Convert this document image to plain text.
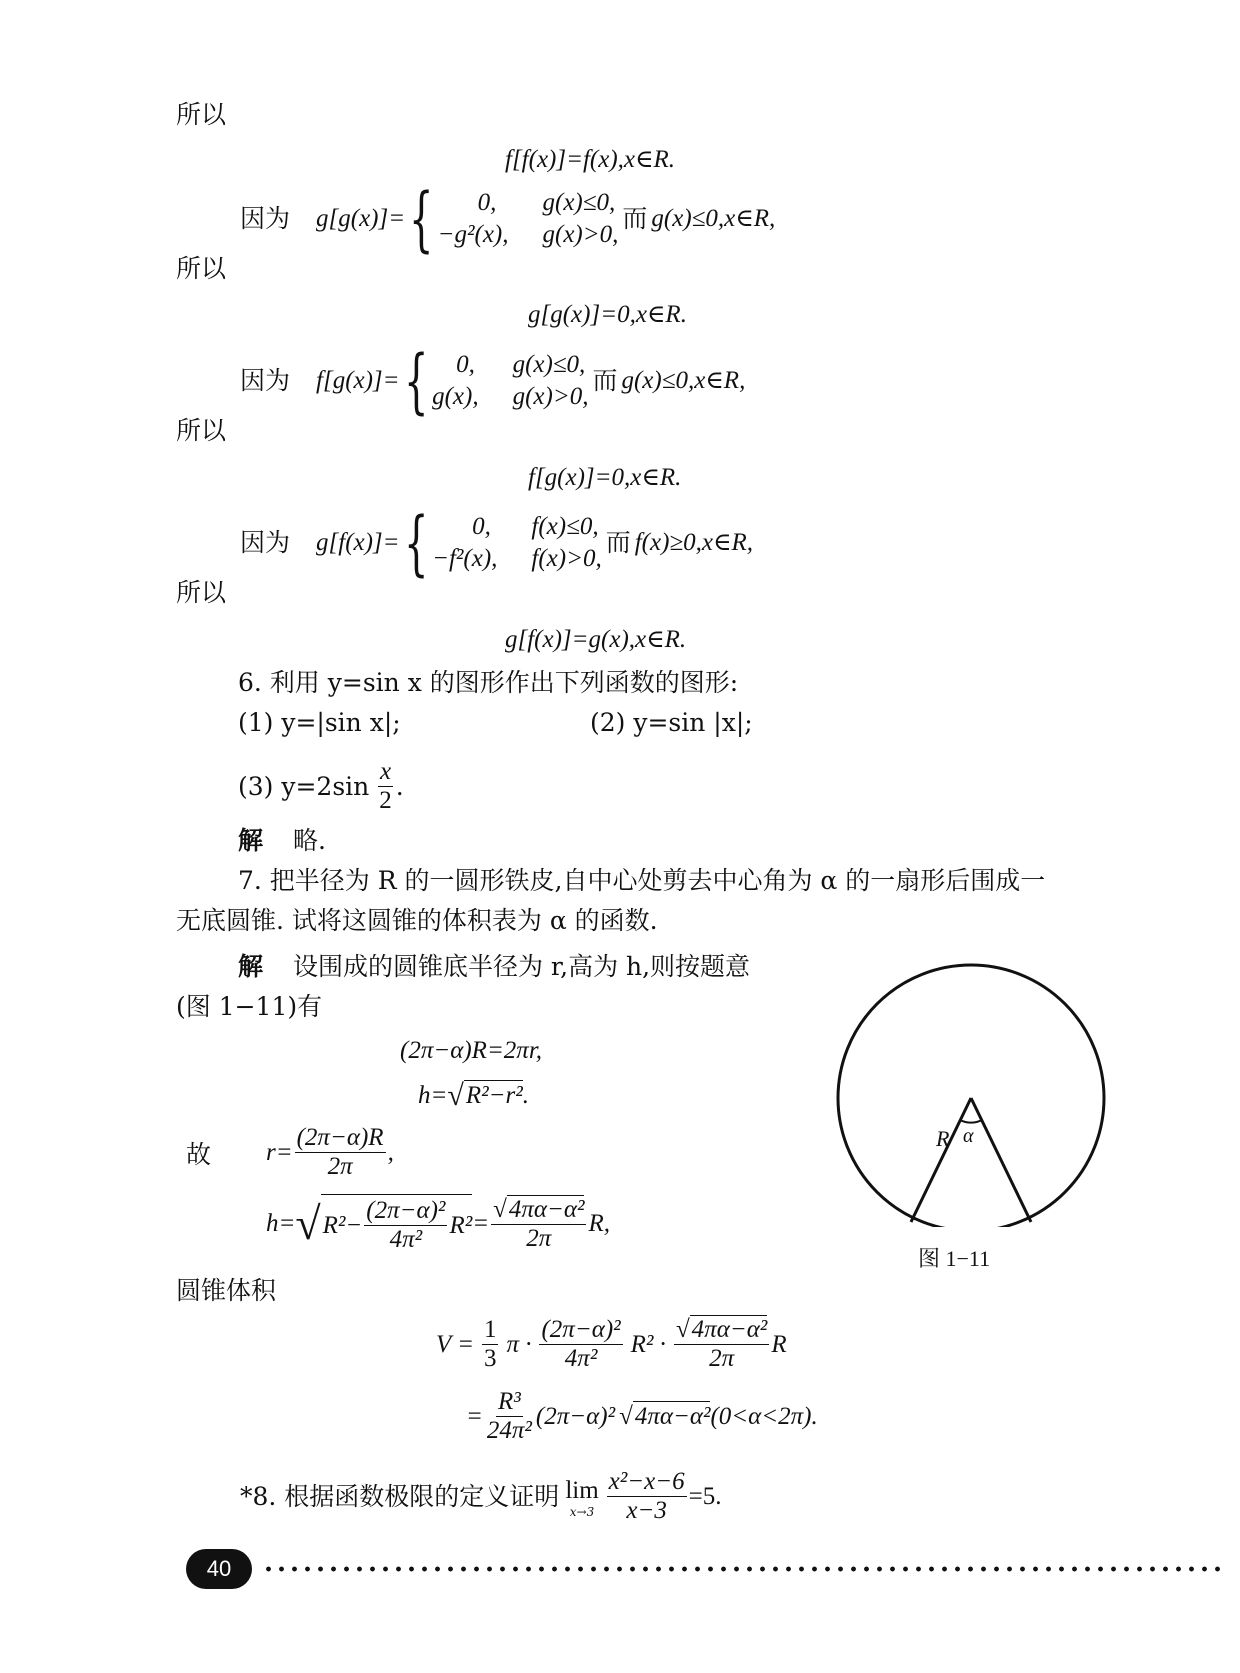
所以
f[f(x)]=f(x),x∈R.
因为 g[g(x)]= {	0,	g(x)≤0,
−g²(x), g(x)>0,
而 g(x)≤0,x∈R,
所以
g[g(x)]=0,x∈R.
因为 f[g(x)]= {	0, g(x)≤0,
g(x), g(x)>0,
而 g(x)≤0,x∈R,
所以
f[g(x)]=0,x∈R.
因为 g[f(x)]= {	0, f(x)≤0,
−f²(x), f(x)>0,
而 f(x)≥0,x∈R,
所以
g[f(x)]=g(x),x∈R.
6. 利用 y=sin x 的图形作出下列函数的图形:
(1) y=|sin x|;	(2) y=sin |x|;
(3) $y=2\sin \frac{x}{2}$ .
解 略.
7. 把半径为 R 的一圆形铁皮,自中心处剪去中心角为 α 的一扇形后围成一
无底圆锥. 试将这圆锥的体积表为 α 的函数.
解 设围成的圆锥底半径为 r,高为 h,则按题意
(图 1−11)有
(2π−α)R=2πr,
h= √ R²−r² .
故 $r= \frac{(2\pi-\alpha)R}{2\pi}$ ,
h= √ $R^2- \frac{\text{(2π−α)²}}{\text{4π²}} R^2 = \frac{\text{√4πα−α²}}{2\pi} R$,
圆锥体积
$V = \frac{1}{3}$ $\pi \cdot \frac{\text{(2π−α)²}}{\text{4π²}} R^2 \cdot \frac{\text{√4πα−α²}}{2\pi}$ R
= $\frac{\text{R³}}{\text{24π²}} (2\pi-\alpha)^2$ √ 4πα−α² (0<α<2π).
R α
图 1−11
*8. 根据函数极限的定义证明 lim
$x\to 3 \frac{\text{x²−x−6}}{x-3} =5$.
40
